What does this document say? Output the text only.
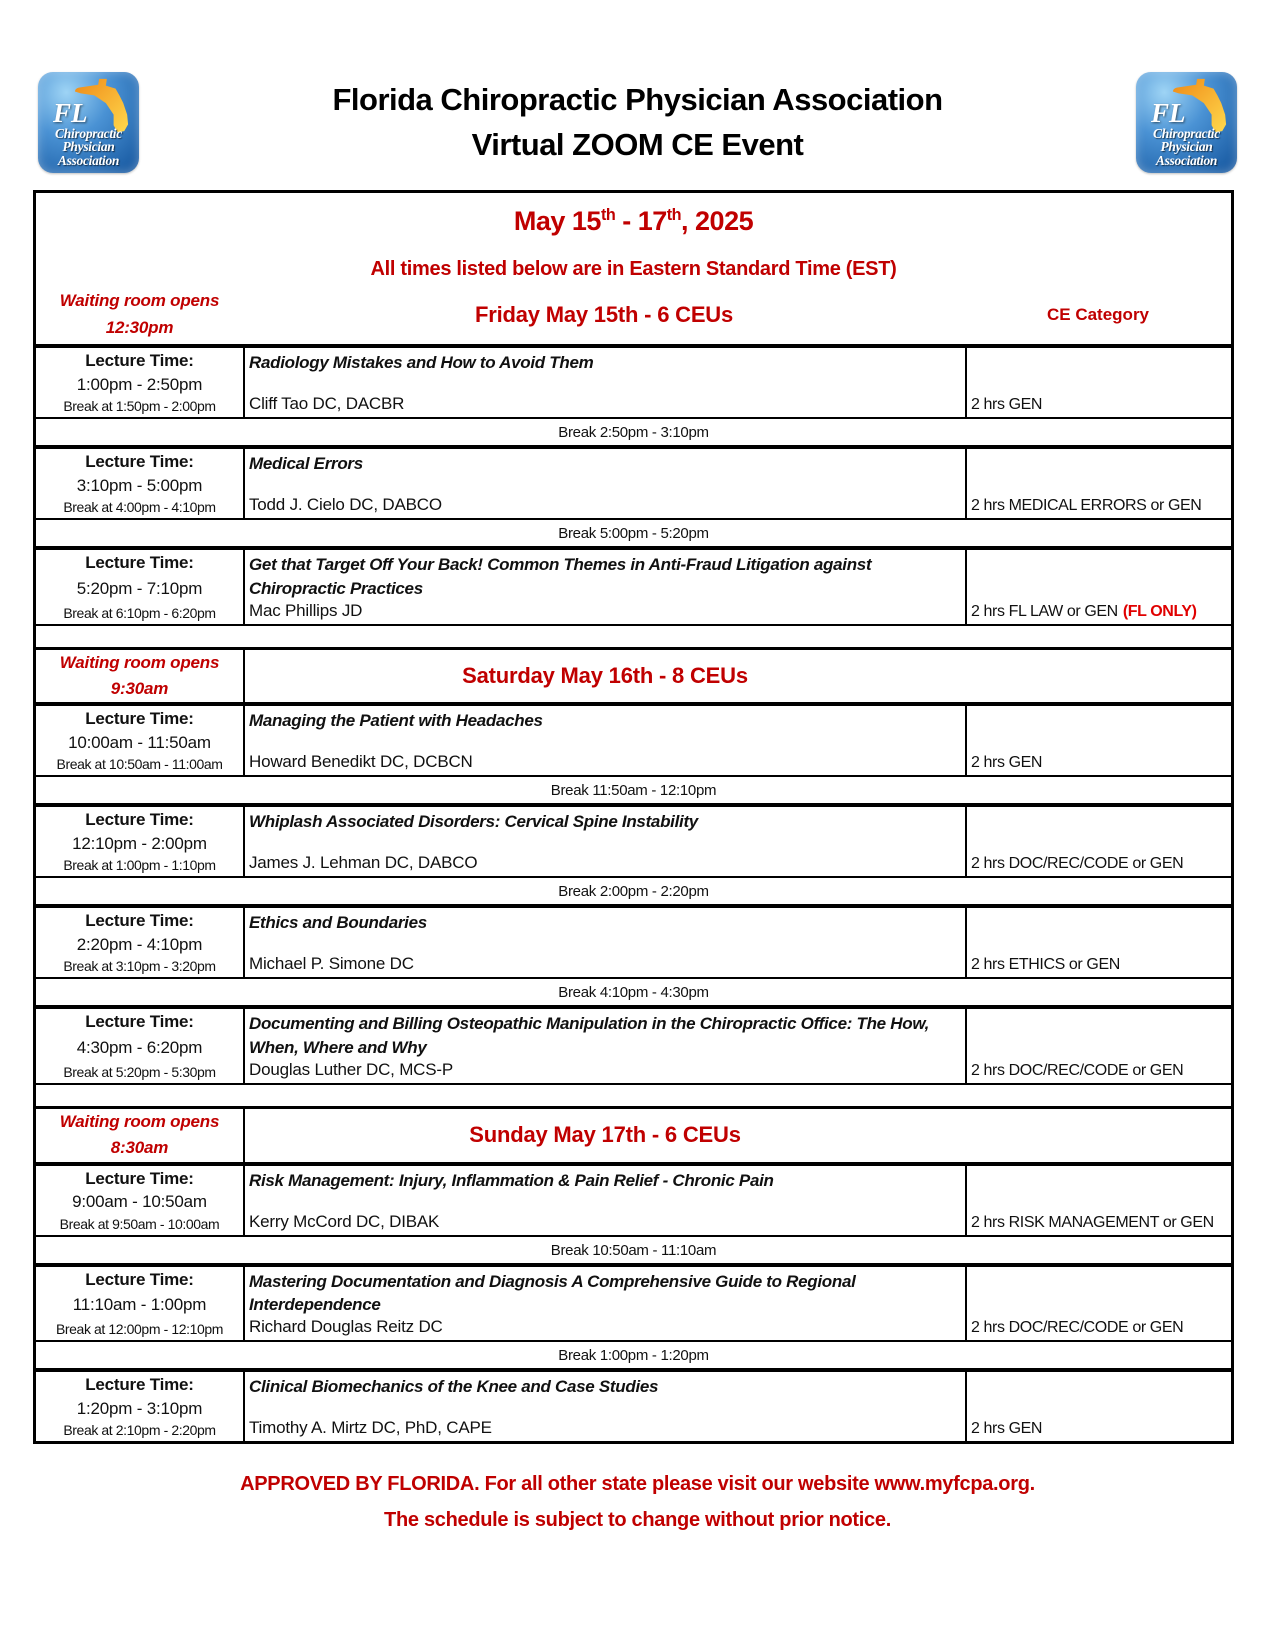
FL
Chiropractic
Physician
Association
Florida Chiropractic Physician Association
Virtual ZOOM CE Event
FL
Chiropractic
Physician
Association
May 15th - 17th, 2025
All times listed below are in Eastern Standard Time (EST)
Waiting room opens
12:30pm
Friday May 15th - 6 CEUs	CE Category
Lecture Time:
1:00pm - 2:50pm
Break at 1:50pm - 2:00pm
Radiology Mistakes and How to Avoid Them
Cliff Tao DC, DACBR	2 hrs GEN
Break 2:50pm - 3:10pm
Lecture Time:
3:10pm - 5:00pm
Break at 4:00pm - 4:10pm
Medical Errors
Todd J. Cielo DC, DABCO	2 hrs MEDICAL ERRORS or GEN
Break 5:00pm - 5:20pm
Lecture Time:
5:20pm - 7:10pm
Break at 6:10pm - 6:20pm
Get that Target Off Your Back! Common Themes in Anti-Fraud Litigation against Chiropractic Practices
Mac Phillips JD	2 hrs FL LAW or GEN (FL ONLY)
Waiting room opens
9:30am
Saturday May 16th - 8 CEUs
Lecture Time:
10:00am - 11:50am
Break at 10:50am - 11:00am
Managing the Patient with Headaches
Howard Benedikt DC, DCBCN	2 hrs GEN
Break 11:50am - 12:10pm
Lecture Time:
12:10pm - 2:00pm
Break at 1:00pm - 1:10pm
Whiplash Associated Disorders: Cervical Spine Instability
James J. Lehman DC, DABCO	2 hrs DOC/REC/CODE or GEN
Break 2:00pm - 2:20pm
Lecture Time:
2:20pm - 4:10pm
Break at 3:10pm - 3:20pm
Ethics and Boundaries
Michael P. Simone DC	2 hrs ETHICS or GEN
Break 4:10pm - 4:30pm
Lecture Time:
4:30pm - 6:20pm
Break at 5:20pm - 5:30pm
Documenting and Billing Osteopathic Manipulation in the Chiropractic Office: The How, When, Where and Why
Douglas Luther DC, MCS-P	2 hrs DOC/REC/CODE or GEN
Waiting room opens
8:30am
Sunday May 17th - 6 CEUs
Lecture Time:
9:00am - 10:50am
Break at 9:50am - 10:00am
Risk Management: Injury, Inflammation & Pain Relief - Chronic Pain
Kerry McCord DC, DIBAK	2 hrs RISK MANAGEMENT or GEN
Break 10:50am - 11:10am
Lecture Time:
11:10am - 1:00pm
Break at 12:00pm - 12:10pm
Mastering Documentation and Diagnosis A Comprehensive Guide to Regional Interdependence
Richard Douglas Reitz DC	2 hrs DOC/REC/CODE or GEN
Break 1:00pm - 1:20pm
Lecture Time:
1:20pm - 3:10pm
Break at 2:10pm - 2:20pm
Clinical Biomechanics of the Knee and Case Studies
Timothy A. Mirtz DC, PhD, CAPE	2 hrs GEN
APPROVED BY FLORIDA. For all other state please visit our website www.myfcpa.org.
The schedule is subject to change without prior notice.
